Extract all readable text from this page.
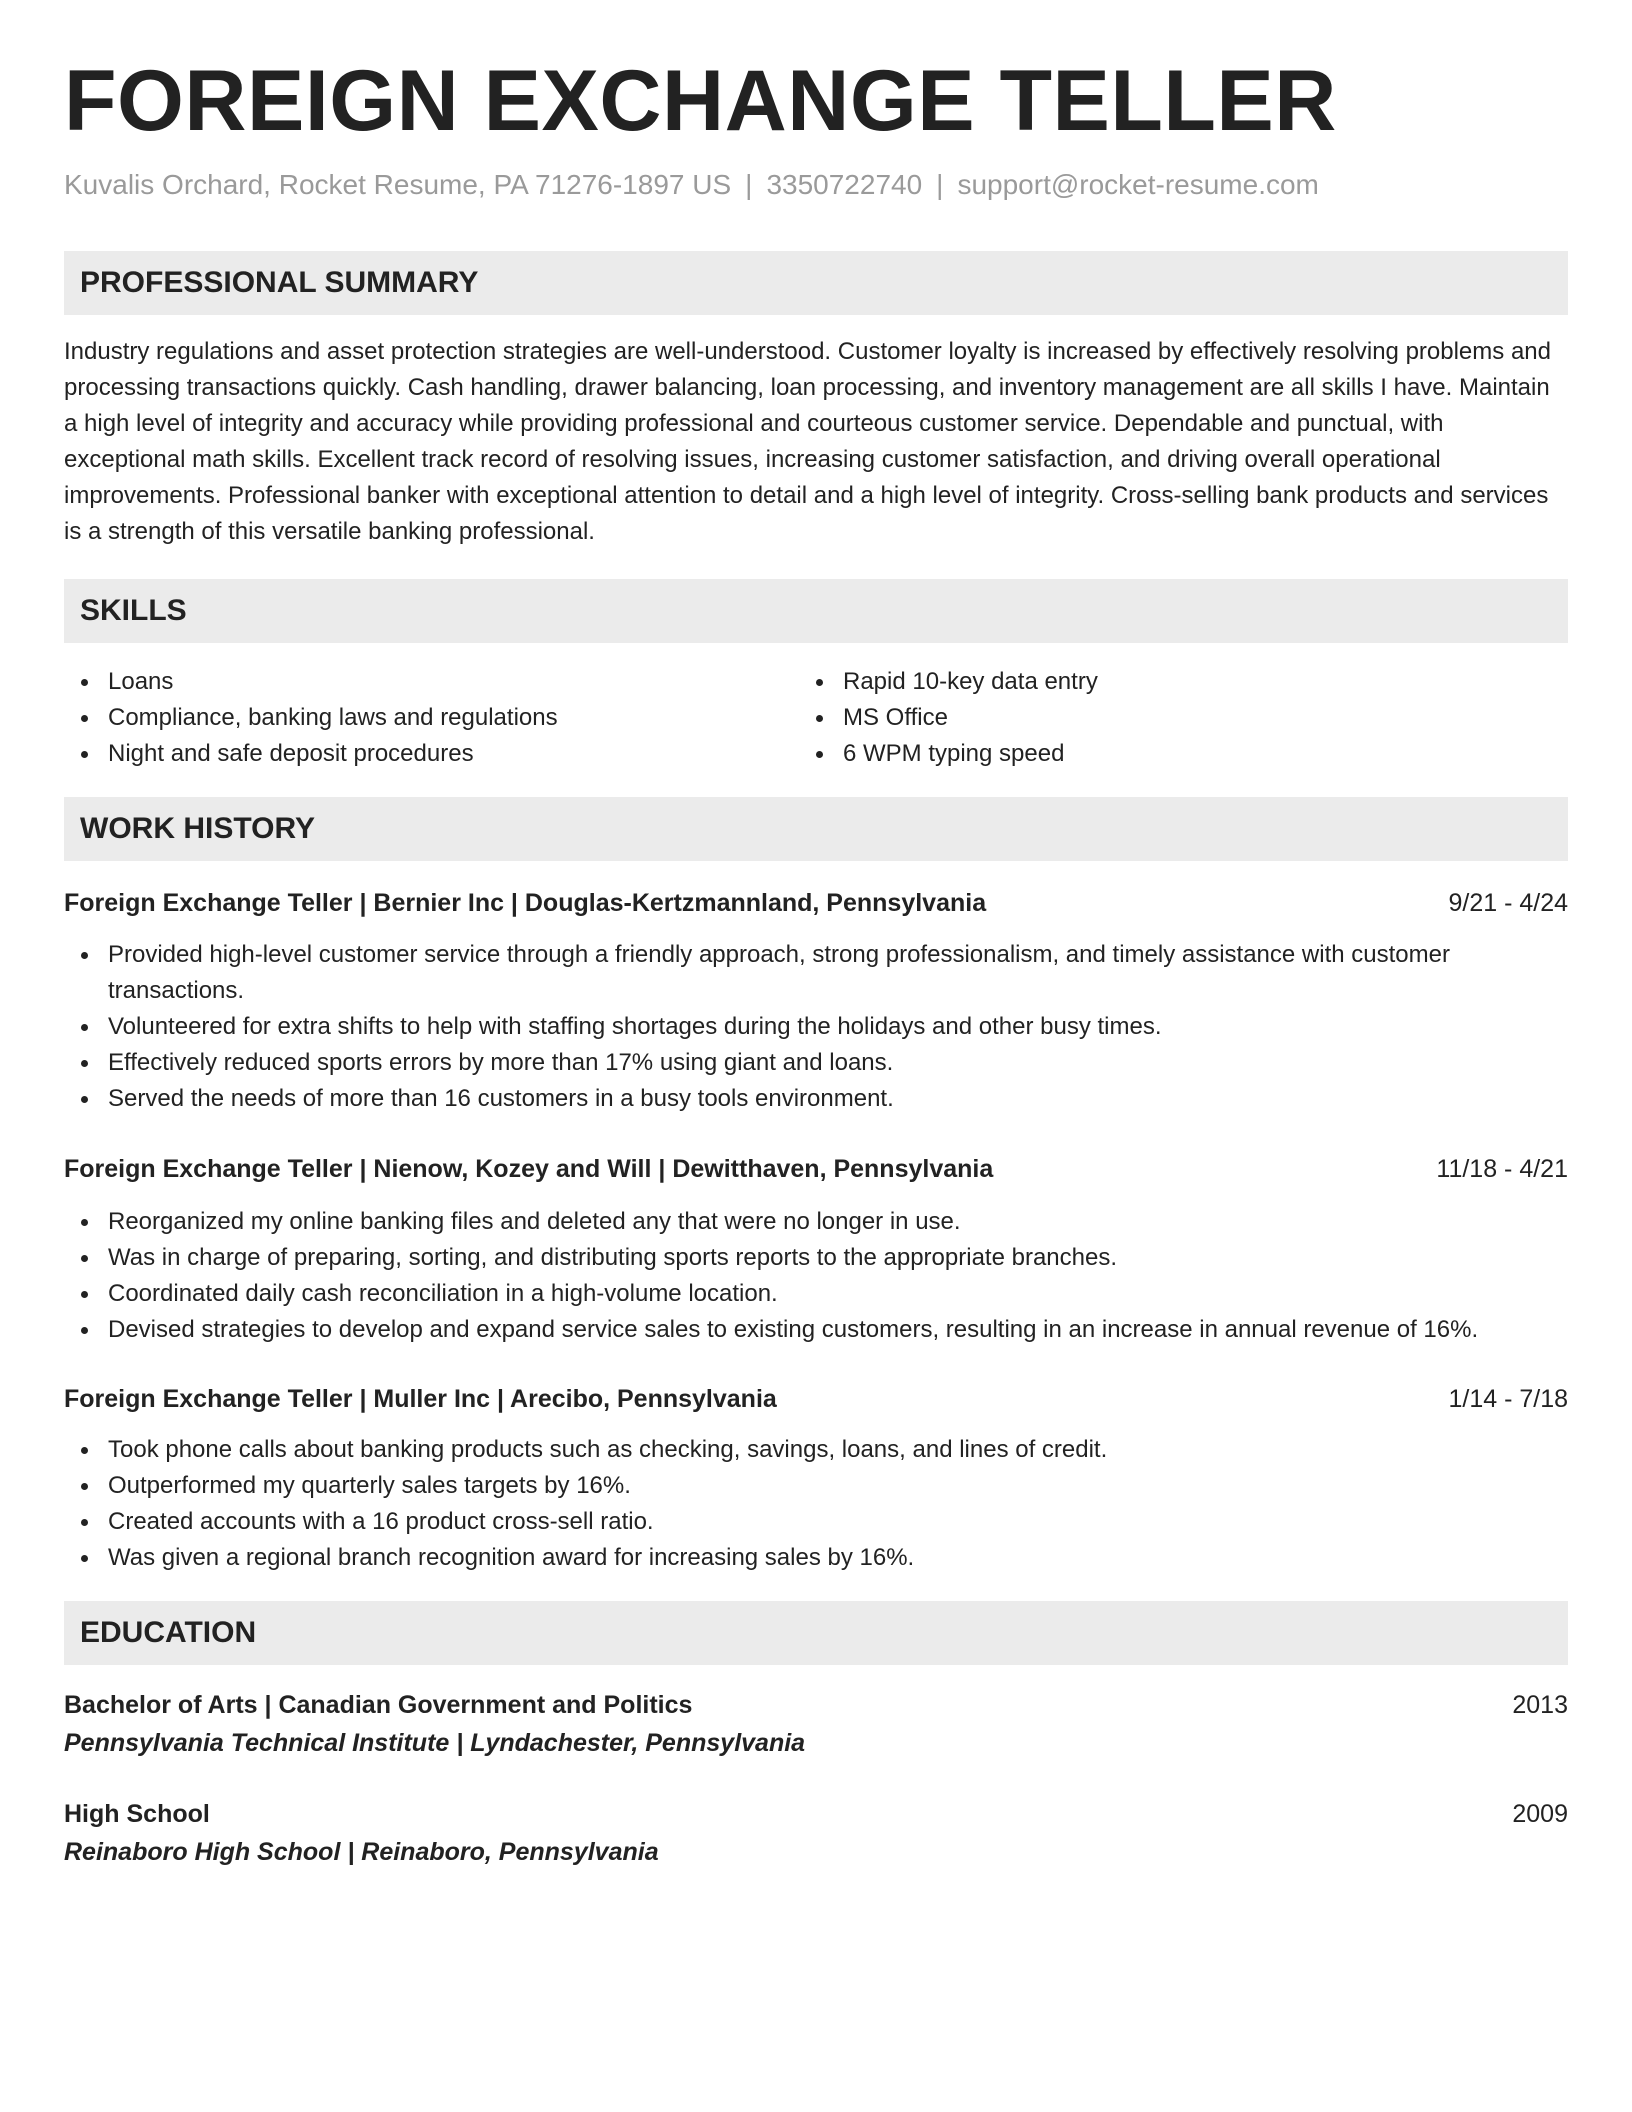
FOREIGN EXCHANGE TELLER
Kuvalis Orchard, Rocket Resume, PA 71276-1897 US | 3350722740 | support@rocket-resume.com
PROFESSIONAL SUMMARY

Industry regulations and asset protection strategies are well-understood. Customer loyalty is increased by effectively resolving problems and processing transactions quickly. Cash handling, drawer balancing, loan processing, and inventory management are all skills I have. Maintain a high level of integrity and accuracy while providing professional and courteous customer service. Dependable and punctual, with exceptional math skills. Excellent track record of resolving issues, increasing customer satisfaction, and driving overall operational improvements. Professional banker with exceptional attention to detail and a high level of integrity. Cross-selling bank products and services is a strength of this versatile banking professional.

SKILLS
Loans
Compliance, banking laws and regulations
Night and safe deposit procedures
Rapid 10-key data entry
MS Office
6 WPM typing speed
WORK HISTORY
Foreign Exchange Teller | Bernier Inc | Douglas-Kertzmannland, Pennsylvania	9/21 - 4/24
Provided high-level customer service through a friendly approach, strong professionalism, and timely assistance with customer transactions.
Volunteered for extra shifts to help with staffing shortages during the holidays and other busy times.
Effectively reduced sports errors by more than 17% using giant and loans.
Served the needs of more than 16 customers in a busy tools environment.
Foreign Exchange Teller | Nienow, Kozey and Will | Dewitthaven, Pennsylvania	11/18 - 4/21
Reorganized my online banking files and deleted any that were no longer in use.
Was in charge of preparing, sorting, and distributing sports reports to the appropriate branches.
Coordinated daily cash reconciliation in a high-volume location.
Devised strategies to develop and expand service sales to existing customers, resulting in an increase in annual revenue of 16%.
Foreign Exchange Teller | Muller Inc | Arecibo, Pennsylvania	1/14 - 7/18
Took phone calls about banking products such as checking, savings, loans, and lines of credit.
Outperformed my quarterly sales targets by 16%.
Created accounts with a 16 product cross-sell ratio.
Was given a regional branch recognition award for increasing sales by 16%.
EDUCATION
Bachelor of Arts | Canadian Government and Politics	2013
Pennsylvania Technical Institute | Lyndachester, Pennsylvania
High School	2009
Reinaboro High School | Reinaboro, Pennsylvania
